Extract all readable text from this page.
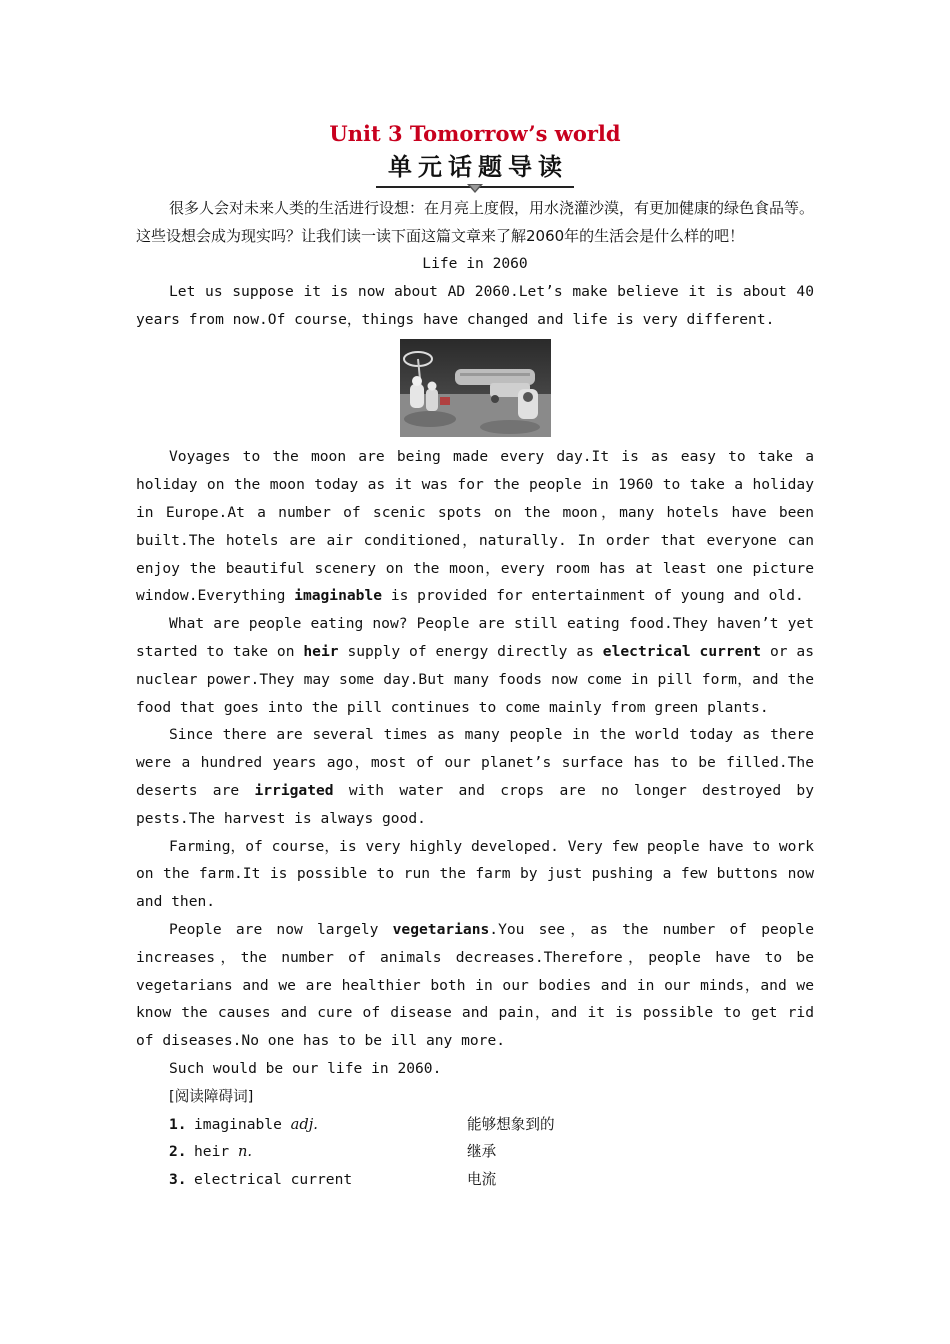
Unit 3 Tomorrow’s world
单元话题导读

很多人会对未来人类的生活进行设想：在月亮上度假，用水浇灌沙漠，有更加健康的绿色食品等。这些设想会成为现实吗？让我们读一读下面这篇文章来了解2060年的生活会是什么样的吧！

Life in 2060

Let us suppose it is now about AD 2060.Let’s make believe it is about 40 years from now.Of course，things have changed and life is very different.

Voyages to the moon are being made every day.It is as easy to take a holiday on the moon today as it was for the people in 1960 to take a holiday in Europe.At a number of scenic spots on the moon，many hotels have been built.The hotels are air conditioned，naturally. In order that everyone can enjoy the beautiful scenery on the moon，every room has at least one picture window.Everything imaginable is provided for entertainment of young and old.

What are people eating now? People are still eating food.They haven’t yet started to take on heir supply of energy directly as electrical current or as nuclear power.They may some day.But many foods now come in pill form，and the food that goes into the pill continues to come mainly from green plants.

Since there are several times as many people in the world today as there were a hundred years ago，most of our planet’s surface has to be filled.The deserts are irrigated with water and crops are no longer destroyed by pests.The harvest is always good.

Farming，of course，is very highly developed. Very few people have to work on the farm.It is possible to run the farm by just pushing a few buttons now and then.

People are now largely vegetarians.You see，as the number of people increases，the number of animals decreases.Therefore，people have to be vegetarians and we are healthier both in our bodies and in our minds，and we know the causes and cure of disease and pain，and it is possible to get rid of diseases.No one has to be ill any more.

Such would be our life in 2060.

[阅读障碍词]

1. imaginable adj.	能够想象到的
2. heir n.	继承
3. electrical current	电流
